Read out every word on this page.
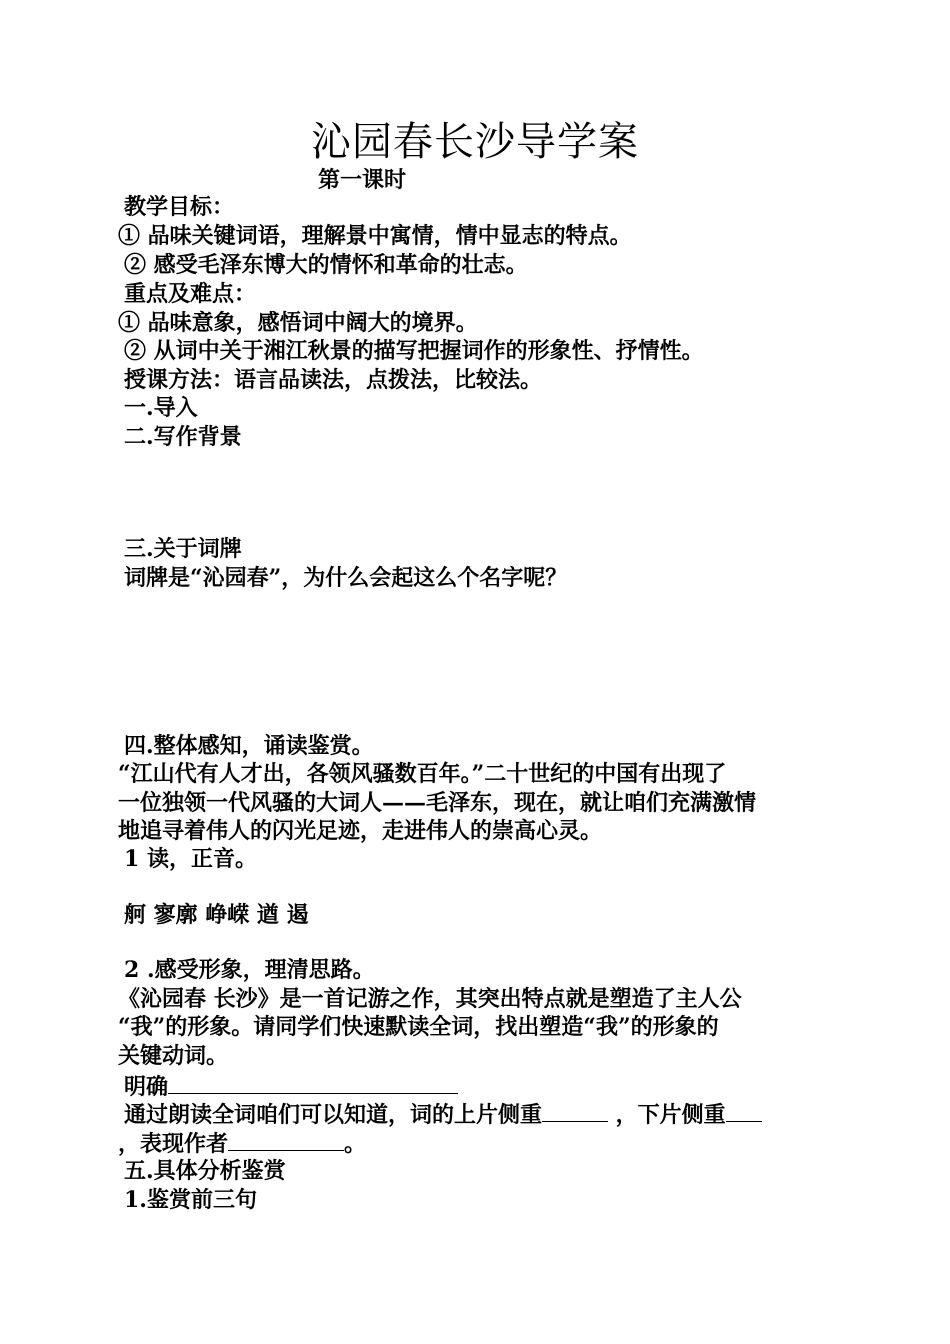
沁园春长沙导学案
第一课时
教学目标：
① 品味关键词语，理解景中寓情，情中显志的特点。
② 感受毛泽东博大的情怀和革命的壮志。
重点及难点：
① 品味意象，感悟词中阔大的境界。
② 从词中关于湘江秋景的描写把握词作的形象性、抒情性。
授课方法：语言品读法，点拨法，比较法。
一.导入
二.写作背景
三.关于词牌
词牌是“沁园春”，为什么会起这么个名字呢？
四.整体感知，诵读鉴赏。
“江山代有人才出，各领风骚数百年。”二十世纪的中国有出现了
一位独领一代风骚的大词人——毛泽东，现在，就让咱们充满激情
地追寻着伟人的闪光足迹，走进伟人的崇高心灵。
1 读，正音。
舸 寥廓 峥嵘 遒 遏
2 .感受形象，理清思路。
《沁园春 长沙》是一首记游之作，其突出特点就是塑造了主人公
“我”的形象。请同学们快速默读全词，找出塑造“我”的形象的
关键动词。
明确
通过朗读全词咱们可以知道，词的上片侧重	，下片侧重
，表现作者	。
五.具体分析鉴赏
1.鉴赏前三句
